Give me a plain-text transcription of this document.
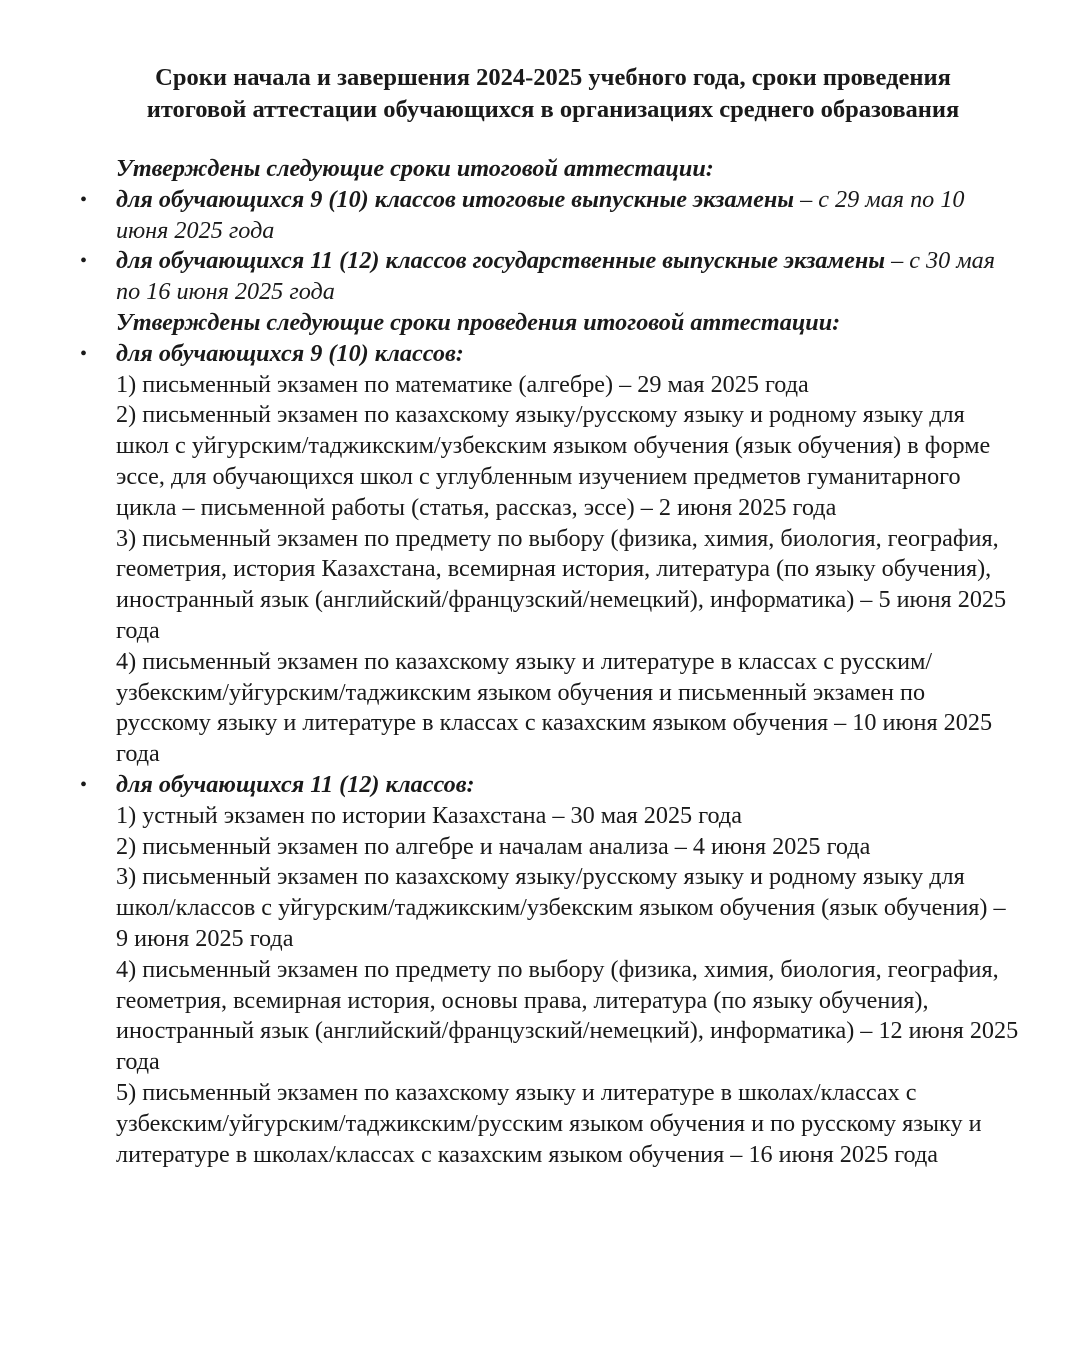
Сроки начала и завершения 2024-2025 учебного года, сроки проведения
итоговой аттестации обучающихся в организациях среднего образования
Утверждены следующие сроки итоговой аттестации:
• для обучающихся 9 (10) классов итоговые выпускные экзамены – с 29 мая по 10 июня 2025 года
• для обучающихся 11 (12) классов государственные выпускные экзамены – с 30 мая по 16 июня 2025 года
Утверждены следующие сроки проведения итоговой аттестации:
• для обучающихся 9 (10) классов:

1) письменный экзамен по математике (алгебре) – 29 мая 2025 года

2) письменный экзамен по казахскому языку/русскому языку и родному языку для школ с уйгурским/таджикским/узбекским языком обучения (язык обучения) в форме эссе, для обучающихся школ с углубленным изучением предметов гуманитарного цикла – письменной работы (статья, рассказ, эссе) – 2 июня 2025 года

3) письменный экзамен по предмету по выбору (физика, химия, биология, география, геометрия, история Казахстана, всемирная история, литература (по языку обучения), иностранный язык (английский/французский/немецкий), информатика) – 5 июня 2025 года

4) письменный экзамен по казахскому языку и литературе в классах с русским/узбекским/уйгурским/таджикским языком обучения и письменный экзамен по русскому языку и литературе в классах с казахским языком обучения – 10 июня 2025 года

• для обучающихся 11 (12) классов:

1) устный экзамен по истории Казахстана – 30 мая 2025 года

2) письменный экзамен по алгебре и началам анализа – 4 июня 2025 года

3) письменный экзамен по казахскому языку/русскому языку и родному языку для школ/классов с уйгурским/таджикским/узбекским языком обучения (язык обучения) – 9 июня 2025 года

4) письменный экзамен по предмету по выбору (физика, химия, биология, география, геометрия, всемирная история, основы права, литература (по языку обучения), иностранный язык (английский/французский/немецкий), информатика) – 12 июня 2025 года

5) письменный экзамен по казахскому языку и литературе в школах/классах с узбекским/уйгурским/таджикским/русским языком обучения и по русскому языку и литературе в школах/классах с казахским языком обучения – 16 июня 2025 года
